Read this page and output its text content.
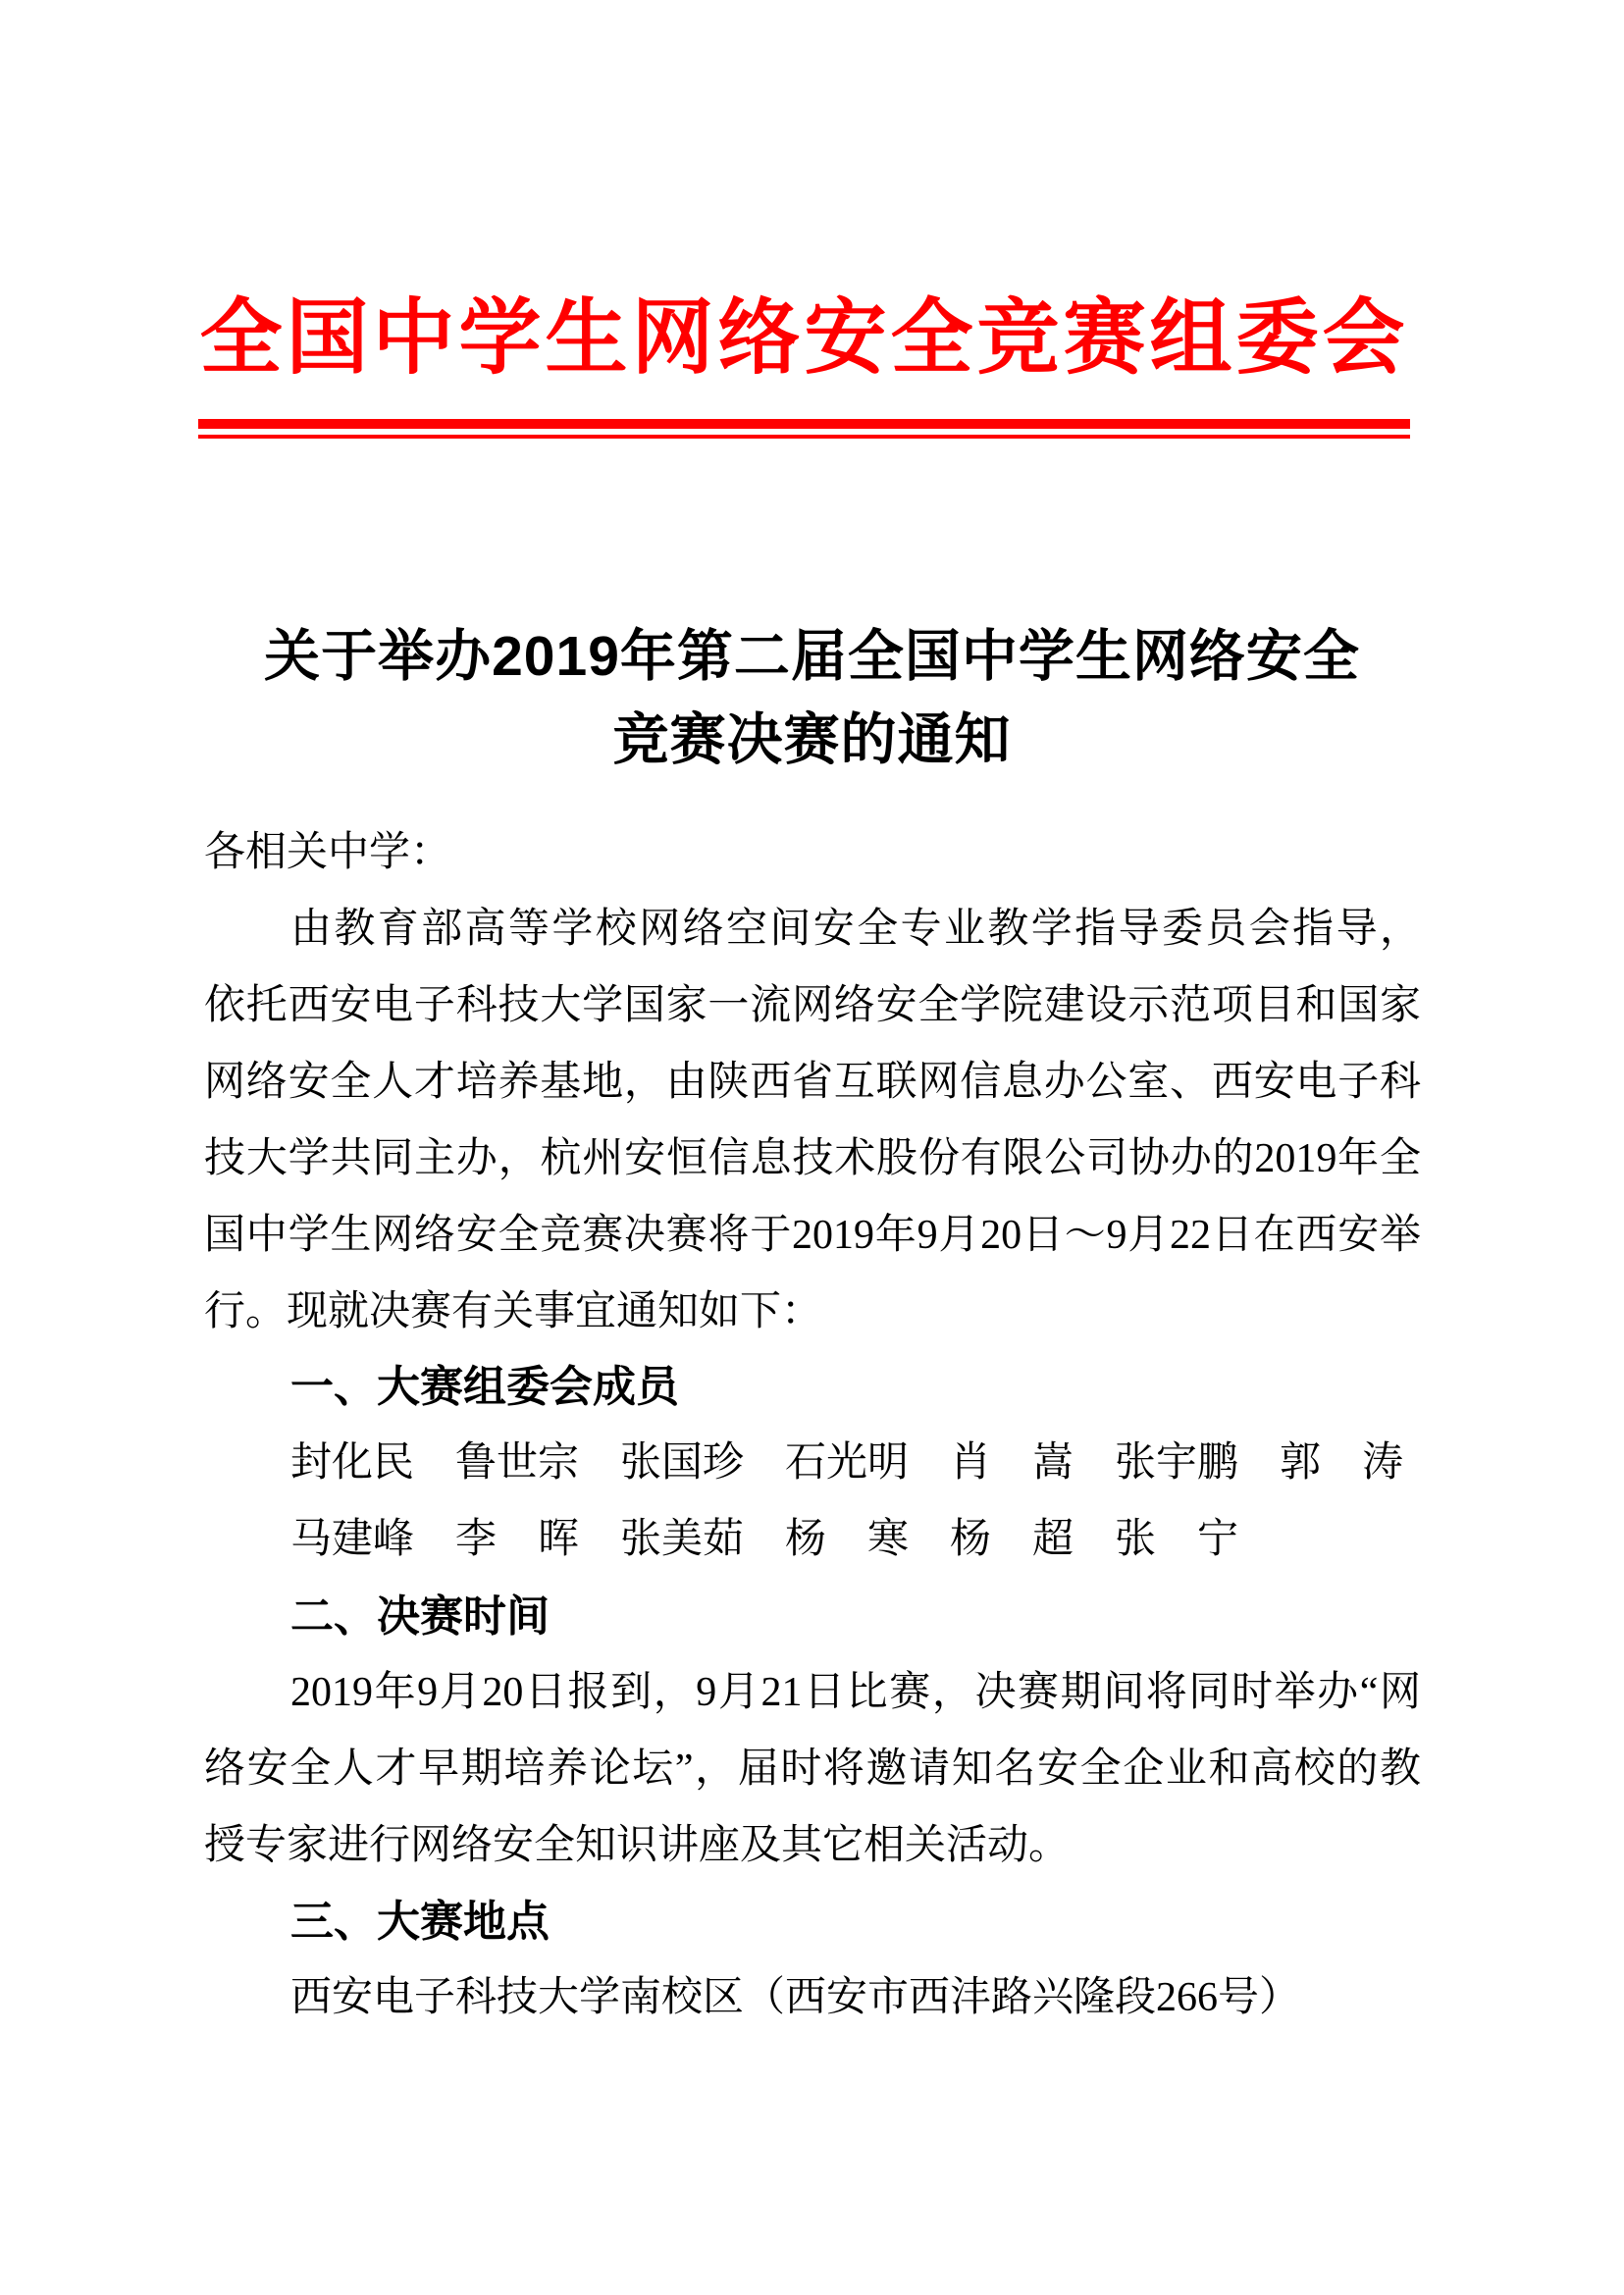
全国中学生网络安全竞赛组委会
关于举办2019年第二届全国中学生网络安全
竞赛决赛的通知
各相关中学：
由教育部高等学校网络空间安全专业教学指导委员会指导，
依托西安电子科技大学国家一流网络安全学院建设示范项目和国家
网络安全人才培养基地，由陕西省互联网信息办公室、西安电子科
技大学共同主办，杭州安恒信息技术股份有限公司协办的2019年全
国中学生网络安全竞赛决赛将于2019年9月20日～9月22日在西安举
行。现就决赛有关事宜通知如下：
一、大赛组委会成员
封化民　鲁世宗　张国珍　石光明　肖　嵩　张宇鹏　郭　涛
马建峰　李　晖　张美茹　杨　寒　杨　超　张　宁
二、决赛时间
2019年9月20日报到，9月21日比赛，决赛期间将同时举办“网
络安全人才早期培养论坛”，届时将邀请知名安全企业和高校的教
授专家进行网络安全知识讲座及其它相关活动。
三、大赛地点
西安电子科技大学南校区（西安市西沣路兴隆段266号）
